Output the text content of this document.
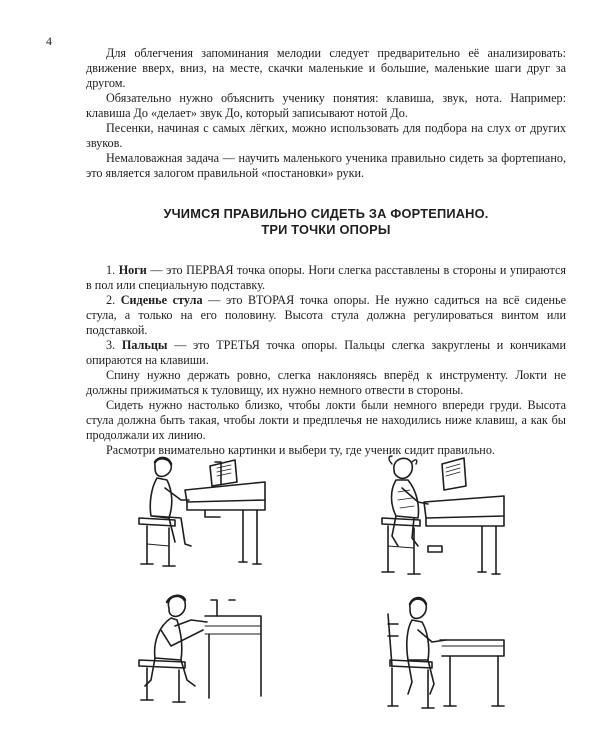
4

Для облегчения запоминания мелодии следует предварительно её анализировать: движение вверх, вниз, на месте, скачки маленькие и большие, маленькие шаги друг за другом.

Обязательно нужно объяснить ученику понятия: клавиша, звук, нота. Например: клавиша До «делает» звук До, который записывают нотой До.

Песенки, начиная с самых лёгких, можно использовать для подбора на слух от других звуков.

Немаловажная задача — научить маленького ученика правильно сидеть за фортепиано, это является залогом правильной «постановки» руки.

УЧИМСЯ ПРАВИЛЬНО СИДЕТЬ ЗА ФОРТЕПИАНО.
ТРИ ТОЧКИ ОПОРЫ

1. Ноги — это ПЕРВАЯ точка опоры. Ноги слегка расставлены в стороны и упираются в пол или специальную подставку.

2. Сиденье стула — это ВТОРАЯ точка опоры. Не нужно садиться на всё сиденье стула, а только на его половину. Высота стула должна регулироваться винтом или подставкой.

3. Пальцы — это ТРЕТЬЯ точка опоры. Пальцы слегка закруглены и кончиками опираются на клавиши.

Спину нужно держать ровно, слегка наклоняясь вперёд к инструменту. Локти не должны прижиматься к туловищу, их нужно немного отвести в стороны.

Сидеть нужно настолько близко, чтобы локти были немного впереди груди. Высота стула должна быть такая, чтобы локти и предплечья не находились ниже клавиш, а как бы продолжали их линию.

Расмотри внимательно картинки и выбери ту, где ученик сидит правильно.
